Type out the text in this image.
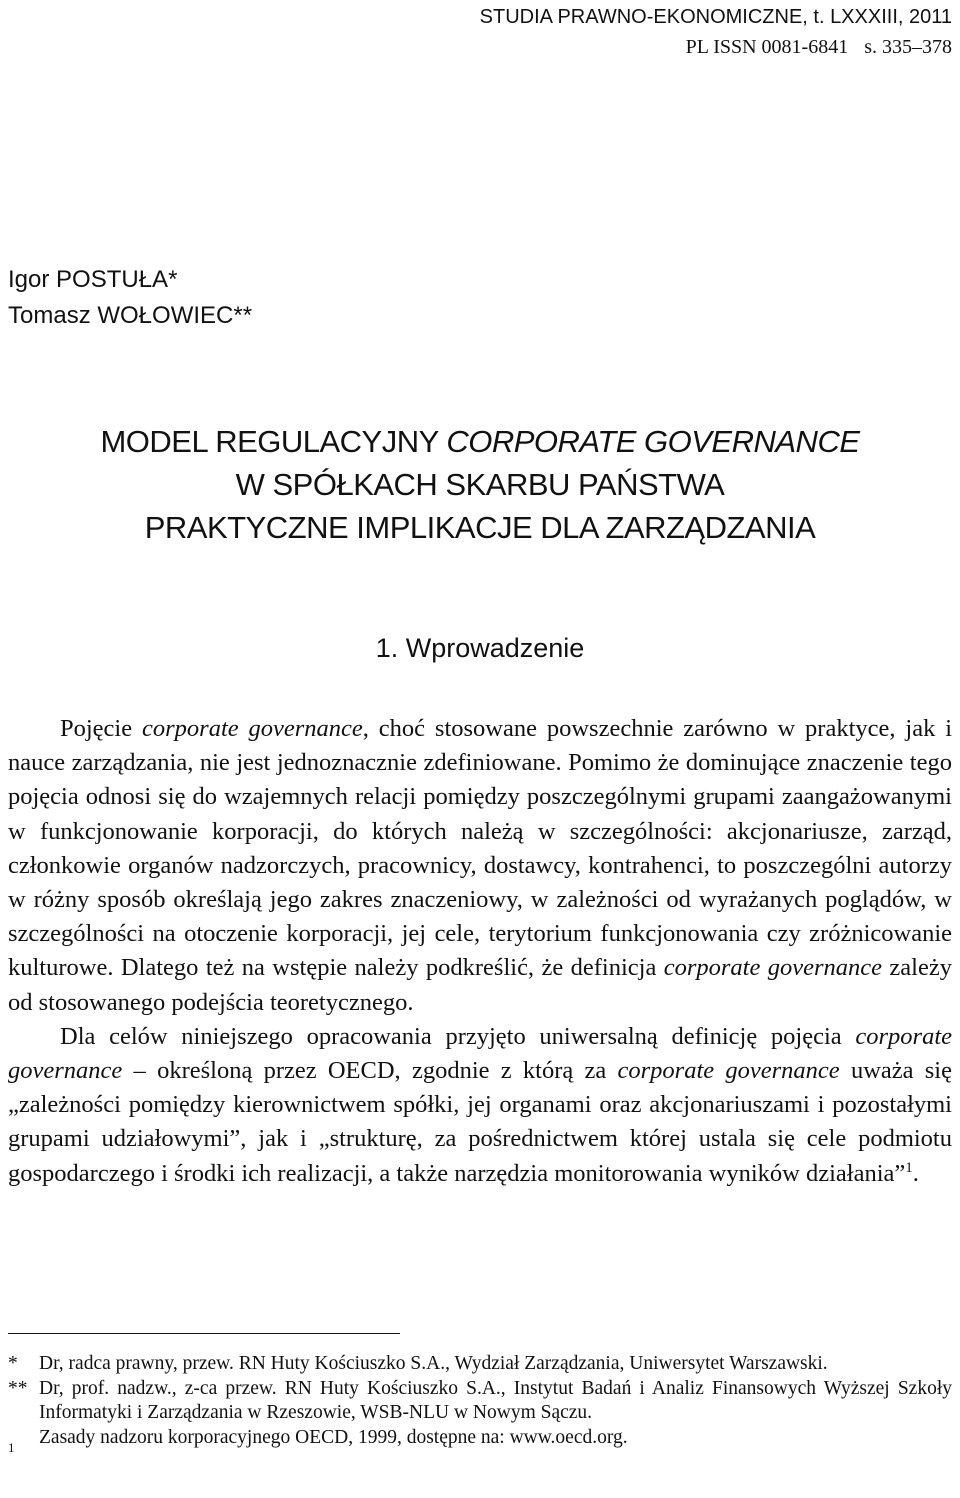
STUDIA PRAWNO-EKONOMICZNE, t. LXXXIII, 2011
PL ISSN 0081-6841 s. 335–378
Igor POSTUŁA*
Tomasz WOŁOWIEC**
MODEL REGULACYJNY CORPORATE GOVERNANCE
W SPÓŁKACH SKARBU PAŃSTWA
PRAKTYCZNE IMPLIKACJE DLA ZARZĄDZANIA
1. Wprowadzenie

Pojęcie corporate governance, choć stosowane powszechnie zarówno w praktyce, jak i nauce zarządzania, nie jest jednoznacznie zdefiniowane. Pomimo że dominujące znaczenie tego pojęcia odnosi się do wzajemnych relacji pomiędzy poszczególnymi grupami zaangażowanymi w funkcjonowanie korporacji, do których należą w szczególności: akcjonariusze, zarząd, członkowie organów nadzorczych, pracownicy, dostawcy, kontrahenci, to poszczególni autorzy w różny sposób określają jego zakres znaczeniowy, w zależności od wyrażanych poglądów, w szczególności na otoczenie korporacji, jej cele, terytorium funkcjonowania czy zróżnicowanie kulturowe. Dlatego też na wstępie należy podkreślić, że definicja corporate governance zależy od stosowanego podejścia teoretycznego.

Dla celów niniejszego opracowania przyjęto uniwersalną definicję pojęcia corporate governance – określoną przez OECD, zgodnie z którą za corporate governance uważa się „zależności pomiędzy kierownictwem spółki, jej organami oraz akcjonariuszami i pozostałymi grupami udziałowymi”, jak i „strukturę, za pośrednictwem której ustala się cele podmiotu gospodarczego i środki ich realizacji, a także narzędzia monitorowania wyników działania”$^1$.

* Dr, radca prawny, przew. RN Huty Kościuszko S.A., Wydział Zarządzania, Uniwersytet Warszawski.
** Dr, prof. nadzw., z-ca przew. RN Huty Kościuszko S.A., Instytut Badań i Analiz Finansowych Wyższej Szkoły Informatyki i Zarządzania w Rzeszowie, WSB-NLU w Nowym Sączu.
1 Zasady nadzoru korporacyjnego OECD, 1999, dostępne na: www.oecd.org.
